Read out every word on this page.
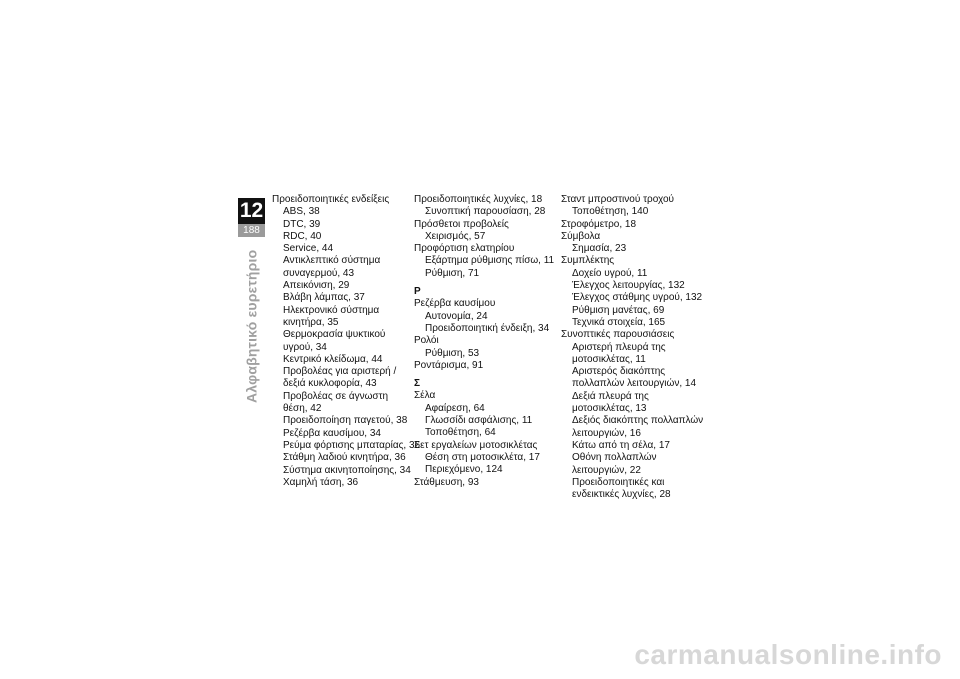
12
188
Αλφαβητικό ευρετήριο
Προειδοποιητικές ενδείξεις
ABS, 38
DTC, 39
RDC, 40
Service, 44
Αντικλεπτικό σύστημα
συναγερμού, 43
Απεικόνιση, 29
Βλάβη λάμπας, 37
Ηλεκτρονικό σύστημα
κινητήρα, 35
Θερμοκρασία ψυκτικού
υγρού, 34
Κεντρικό κλείδωμα, 44
Προβολέας για αριστερή /
δεξιά κυκλοφορία, 43
Προβολέας σε άγνωστη
θέση, 42
Προειδοποίηση παγετού, 38
Ρεζέρβα καυσίμου, 34
Ρεύμα φόρτισης μπαταρίας, 36
Στάθμη λαδιού κινητήρα, 36
Σύστημα ακινητοποίησης, 34
Χαμηλή τάση, 36
Προειδοποιητικές λυχνίες, 18
Συνοπτική παρουσίαση, 28
Πρόσθετοι προβολείς
Χειρισμός, 57
Προφόρτιση ελατηρίου
Εξάρτημα ρύθμισης πίσω, 11
Ρύθμιση, 71
Ρ
Ρεζέρβα καυσίμου
Αυτονομία, 24
Προειδοποιητική ένδειξη, 34
Ρολόι
Ρύθμιση, 53
Ροντάρισμα, 91
Σ
Σέλα
Αφαίρεση, 64
Γλωσσίδι ασφάλισης, 11
Τοποθέτηση, 64
Σετ εργαλείων μοτοσικλέτας
Θέση στη μοτοσικλέτα, 17
Περιεχόμενο, 124
Στάθμευση, 93
Σταντ μπροστινού τροχού
Τοποθέτηση, 140
Στροφόμετρο, 18
Σύμβολα
Σημασία, 23
Συμπλέκτης
Δοχείο υγρού, 11
Έλεγχος λειτουργίας, 132
Έλεγχος στάθμης υγρού, 132
Ρύθμιση μανέτας, 69
Τεχνικά στοιχεία, 165
Συνοπτικές παρουσιάσεις
Αριστερή πλευρά της
μοτοσικλέτας, 11
Αριστερός διακόπτης
πολλαπλών λειτουργιών, 14
Δεξιά πλευρά της
μοτοσικλέτας, 13
Δεξιός διακόπτης πολλαπλών
λειτουργιών, 16
Κάτω από τη σέλα, 17
Οθόνη πολλαπλών
λειτουργιών, 22
Προειδοποιητικές και
ενδεικτικές λυχνίες, 28
carmanualsonline.info
